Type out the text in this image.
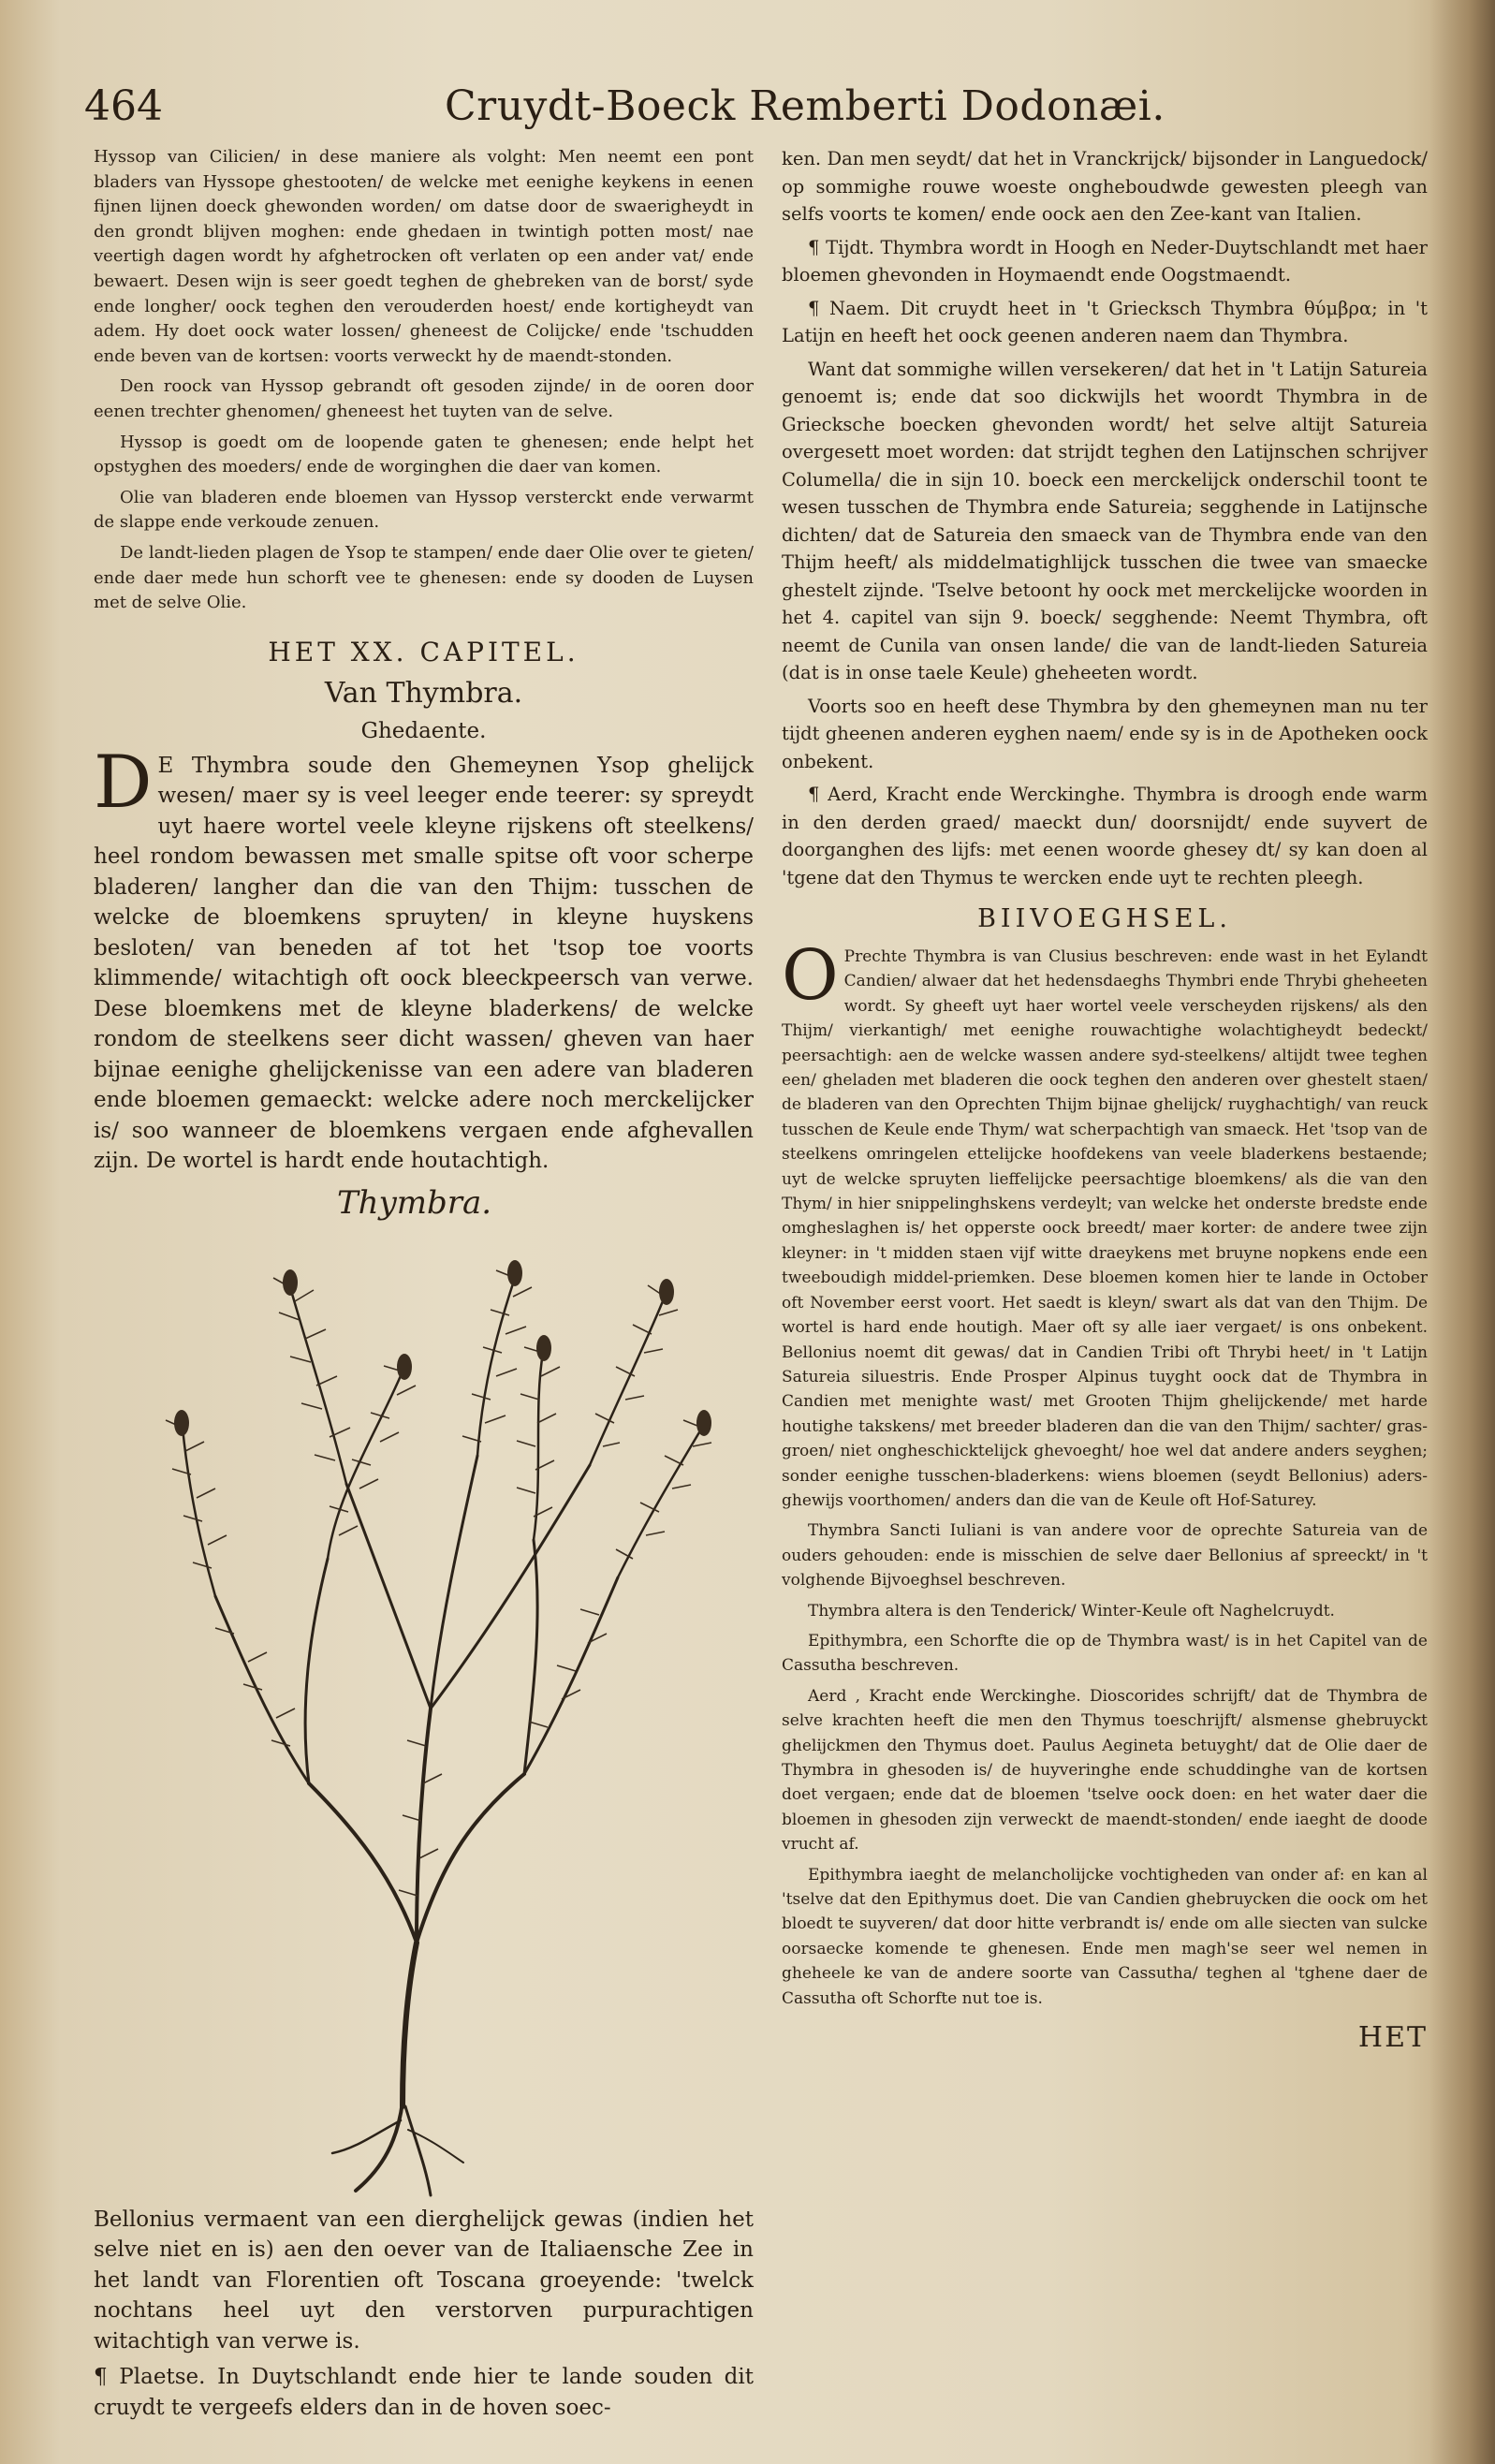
464	Cruydt-Boeck Remberti Dodonæi.

Hyssop van Cilicien/ in dese maniere als volght: Men neemt een pont bladers van Hyssope ghestooten/ de welcke met eenighe keykens in eenen fijnen lijnen doeck ghewonden worden/ om datse door de swaerigheydt in den grondt blijven moghen: ende ghedaen in twintigh potten most/ nae veertigh dagen wordt hy afghetrocken oft verlaten op een ander vat/ ende bewaert. Desen wijn is seer goedt teghen de ghebreken van de borst/ syde ende longher/ oock teghen den verouderden hoest/ ende kortigheydt van adem. Hy doet oock water lossen/ gheneest de Colijcke/ ende 'tschudden ende beven van de kortsen: voorts verweckt hy de maendt-stonden.

Den roock van Hyssop gebrandt oft gesoden zijnde/ in de ooren door eenen trechter ghenomen/ gheneest het tuyten van de selve.

Hyssop is goedt om de loopende gaten te ghenesen; ende helpt het opstyghen des moeders/ ende de worginghen die daer van komen.

Olie van bladeren ende bloemen van Hyssop versterckt ende verwarmt de slappe ende verkoude zenuen.

De landt-lieden plagen de Ysop te stampen/ ende daer Olie over te gieten/ ende daer mede hun schorft vee te ghenesen: ende sy dooden de Luysen met de selve Olie.

HET XX. CAPITEL.
Van Thymbra.
Ghedaente.

D E Thymbra soude den Ghemeynen Ysop ghelijck wesen/ maer sy is veel leeger ende teerer: sy spreydt uyt haere wortel veele kleyne rijskens oft steelkens/ heel rondom bewassen met smalle spitse oft voor scherpe bladeren/ langher dan die van den Thijm: tusschen de welcke de bloemkens spruyten/ in kleyne huyskens besloten/ van beneden af tot het 'tsop toe voorts klimmende/ witachtigh oft oock bleeckpeersch van verwe. Dese bloemkens met de kleyne bladerkens/ de welcke rondom de steelkens seer dicht wassen/ gheven van haer bijnae eenighe ghelijckenisse van een adere van bladeren ende bloemen gemaeckt: welcke adere noch merckelijcker is/ soo wanneer de bloemkens vergaen ende afghevallen zijn. De wortel is hardt ende houtachtigh.

Thymbra.

Bellonius vermaent van een dierghelijck gewas (indien het selve niet en is) aen den oever van de Italiaensche Zee in het landt van Florentien oft Toscana groeyende: 'twelck nochtans heel uyt den verstorven purpurachtigen witachtigh van verwe is.

¶ Plaetse. In Duytschlandt ende hier te lande souden dit cruydt te vergeefs elders dan in de hoven soec-

ken. Dan men seydt/ dat het in Vranckrijck/ bijsonder in Languedock/ op sommighe rouwe woeste ongheboudwde gewesten pleegh van selfs voorts te komen/ ende oock aen den Zee-kant van Italien.

¶ Tijdt. Thymbra wordt in Hoogh en Neder-Duytschlandt met haer bloemen ghevonden in Hoymaendt ende Oogstmaendt.

¶ Naem. Dit cruydt heet in 't Griecksch Thymbra θύμβρα; in 't Latijn en heeft het oock geenen anderen naem dan Thymbra.

Want dat sommighe willen versekeren/ dat het in 't Latijn Satureia genoemt is; ende dat soo dickwijls het woordt Thymbra in de Griecksche boecken ghevonden wordt/ het selve altijt Satureia overgesett moet worden: dat strijdt teghen den Latijnschen schrijver Columella/ die in sijn 10. boeck een merckelijck onderschil toont te wesen tusschen de Thymbra ende Satureia; segghende in Latijnsche dichten/ dat de Satureia den smaeck van de Thymbra ende van den Thijm heeft/ als middelmatighlijck tusschen die twee van smaecke ghestelt zijnde. 'Tselve betoont hy oock met merckelijcke woorden in het 4. capitel van sijn 9. boeck/ segghende: Neemt Thymbra, oft neemt de Cunila van onsen lande/ die van de landt-lieden Satureia (dat is in onse taele Keule) gheheeten wordt.

Voorts soo en heeft dese Thymbra by den ghemeynen man nu ter tijdt gheenen anderen eyghen naem/ ende sy is in de Apotheken oock onbekent.

¶ Aerd, Kracht ende Werckinghe. Thymbra is droogh ende warm in den derden graed/ maeckt dun/ doorsnijdt/ ende suyvert de doorganghen des lijfs: met eenen woorde ghesey dt/ sy kan doen al 'tgene dat den Thymus te wercken ende uyt te rechten pleegh.

BIIVOEGHSEL.

O Prechte Thymbra is van Clusius beschreven: ende wast in het Eylandt Candien/ alwaer dat het hedensdaeghs Thymbri ende Thrybi gheheeten wordt. Sy gheeft uyt haer wortel veele verscheyden rijskens/ als den Thijm/ vierkantigh/ met eenighe rouwachtighe wolachtigheydt bedeckt/ peersachtigh: aen de welcke wassen andere syd-steelkens/ altijdt twee teghen een/ gheladen met bladeren die oock teghen den anderen over ghestelt staen/ de bladeren van den Oprechten Thijm bijnae ghelijck/ ruyghachtigh/ van reuck tusschen de Keule ende Thym/ wat scherpachtigh van smaeck. Het 'tsop van de steelkens omringelen ettelijcke hoofdekens van veele bladerkens bestaende; uyt de welcke spruyten lieffelijcke peersachtige bloemkens/ als die van den Thym/ in hier snippelinghskens verdeylt; van welcke het onderste bredste ende omgheslaghen is/ het opperste oock breedt/ maer korter: de andere twee zijn kleyner: in 't midden staen vijf witte draeykens met bruyne nopkens ende een tweeboudigh middel-priemken. Dese bloemen komen hier te lande in October oft November eerst voort. Het saedt is kleyn/ swart als dat van den Thijm. De wortel is hard ende houtigh. Maer oft sy alle iaer vergaet/ is ons onbekent. Bellonius noemt dit gewas/ dat in Candien Tribi oft Thrybi heet/ in 't Latijn Satureia siluestris. Ende Prosper Alpinus tuyght oock dat de Thymbra in Candien met menighte wast/ met Grooten Thijm ghelijckende/ met harde houtighe takskens/ met breeder bladeren dan die van den Thijm/ sachter/ gras-groen/ niet ongheschicktelijck ghevoeght/ hoe wel dat andere anders seyghen; sonder eenighe tusschen-bladerkens: wiens bloemen (seydt Bellonius) aders-ghewijs voorthomen/ anders dan die van de Keule oft Hof-Saturey.

Thymbra Sancti Iuliani is van andere voor de oprechte Satureia van de ouders gehouden: ende is misschien de selve daer Bellonius af spreeckt/ in 't volghende Bijvoeghsel beschreven.

Thymbra altera is den Tenderick/ Winter-Keule oft Naghelcruydt.

Epithymbra, een Schorfte die op de Thymbra wast/ is in het Capitel van de Cassutha beschreven.

Aerd , Kracht ende Werckinghe. Dioscorides schrijft/ dat de Thymbra de selve krachten heeft die men den Thymus toeschrijft/ alsmense ghebruyckt ghelijckmen den Thymus doet. Paulus Aegineta betuyght/ dat de Olie daer de Thymbra in ghesoden is/ de huyveringhe ende schuddinghe van de kortsen doet vergaen; ende dat de bloemen 'tselve oock doen: en het water daer die bloemen in ghesoden zijn verweckt de maendt-stonden/ ende iaeght de doode vrucht af.

Epithymbra iaeght de melancholijcke vochtigheden van onder af: en kan al 'tselve dat den Epithymus doet. Die van Candien ghebruycken die oock om het bloedt te suyveren/ dat door hitte verbrandt is/ ende om alle siecten van sulcke oorsaecke komende te ghenesen. Ende men magh'se seer wel nemen in gheheele ke van de andere soorte van Cassutha/ teghen al 'tghene daer de Cassutha oft Schorfte nut toe is.

HET
